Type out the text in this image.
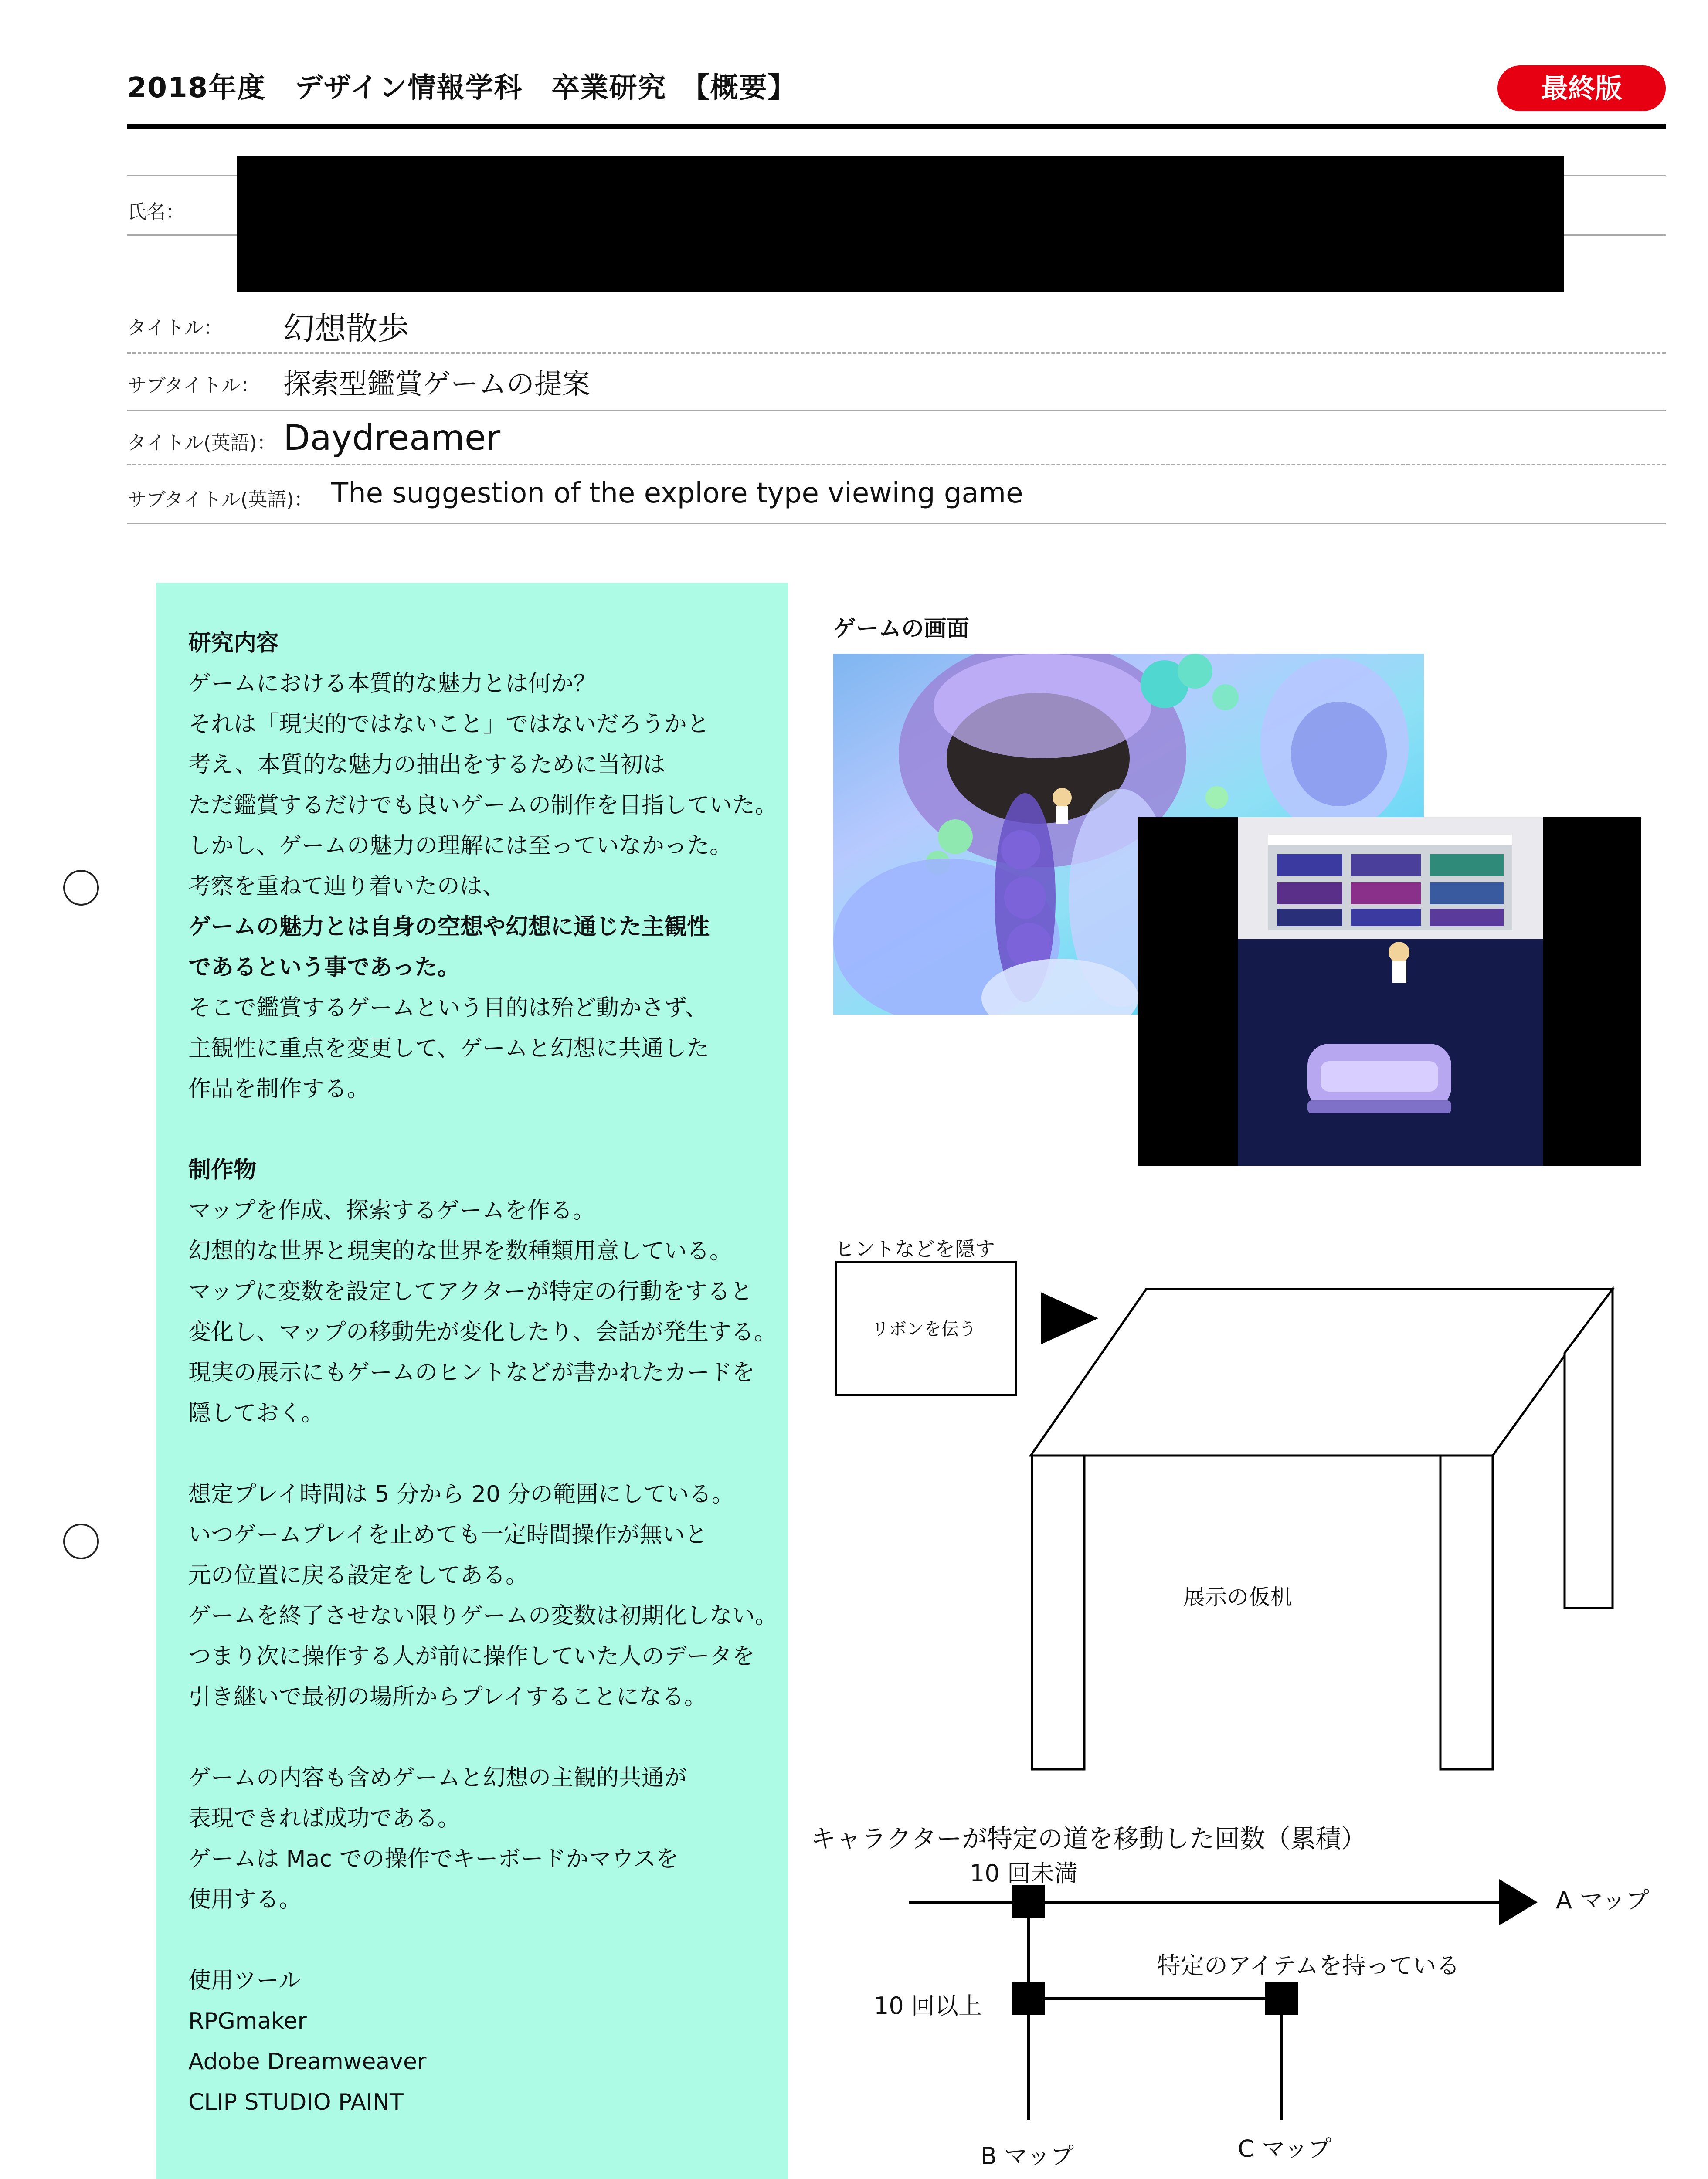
2018年度　デザイン情報学科　卒業研究　【概要】	最終版
氏名：
タイトル： 幻想散歩
サブタイトル： 探索型鑑賞ゲームの提案
タイトル(英語)： Daydreamer
サブタイトル(英語)： The suggestion of the explore type viewing game
研究内容
ゲームにおける本質的な魅力とは何か？
それは「現実的ではないこと」ではないだろうかと
考え、本質的な魅力の抽出をするために当初は
ただ鑑賞するだけでも良いゲームの制作を目指していた。
しかし、ゲームの魅力の理解には至っていなかった。
考察を重ねて辿り着いたのは、
ゲームの魅力とは自身の空想や幻想に通じた主観性
であるという事であった。
そこで鑑賞するゲームという目的は殆ど動かさず、
主観性に重点を変更して、ゲームと幻想に共通した
作品を制作する。
制作物
マップを作成、探索するゲームを作る。
幻想的な世界と現実的な世界を数種類用意している。
マップに変数を設定してアクターが特定の行動をすると
変化し、マップの移動先が変化したり、会話が発生する。
現実の展示にもゲームのヒントなどが書かれたカードを
隠しておく。
想定プレイ時間は 5 分から 20 分の範囲にしている。
いつゲームプレイを止めても一定時間操作が無いと
元の位置に戻る設定をしてある。
ゲームを終了させない限りゲームの変数は初期化しない。
つまり次に操作する人が前に操作していた人のデータを
引き継いで最初の場所からプレイすることになる。
ゲームの内容も含めゲームと幻想の主観的共通が
表現できれば成功である。
ゲームは Mac での操作でキーボードかマウスを
使用する。
使用ツール
RPGmaker
Adobe Dreamweaver
CLIP STUDIO PAINT
ゲームの画面
ヒントなどを隠す
リボンを伝う
展示の仮机
キャラクターが特定の道を移動した回数（累積）
10 回未満
A マップ
特定のアイテムを持っている
10 回以上
B マップ	C マップ
